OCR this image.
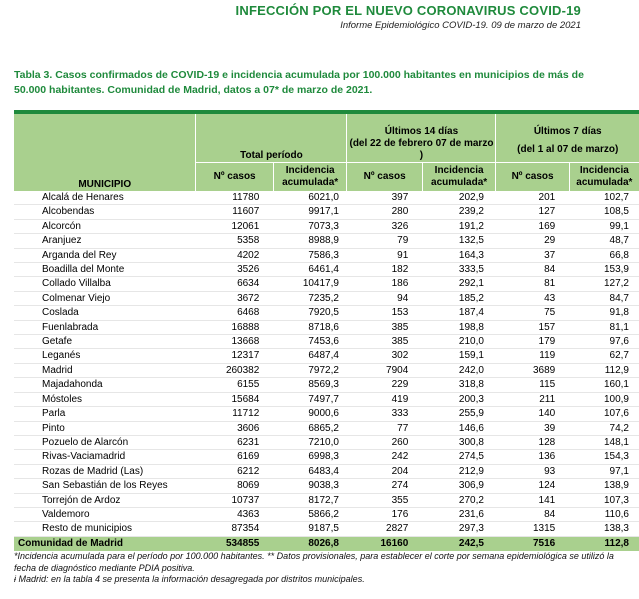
INFECCIÓN POR EL NUEVO CORONAVIRUS COVID-19
Informe Epidemiológico COVID-19. 09 de marzo de 2021
Tabla 3. Casos confirmados de COVID-19 e incidencia acumulada por 100.000 habitantes en municipios de más de 50.000 habitantes. Comunidad de Madrid, datos a 07* de marzo de 2021.

MUNICIPIO	Total período		Últimos 14 días		Últimos 7 días	
			(del 22 de febrero 07 de marzo )		(del 1 al 07 de marzo)	
	Nº casos	Incidencia acumulada*	Nº casos	Incidencia acumulada*	Nº casos	Incidencia acumulada*
Alcalá de Henares	11780	6021,0	397	202,9	201	102,7
Alcobendas	11607	9917,1	280	239,2	127	108,5
Alcorcón	12061	7073,3	326	191,2	169	99,1
Aranjuez	5358	8988,9	79	132,5	29	48,7
Arganda del Rey	4202	7586,3	91	164,3	37	66,8
Boadilla del Monte	3526	6461,4	182	333,5	84	153,9
Collado Villalba	6634	10417,9	186	292,1	81	127,2
Colmenar Viejo	3672	7235,2	94	185,2	43	84,7
Coslada	6468	7920,5	153	187,4	75	91,8
Fuenlabrada	16888	8718,6	385	198,8	157	81,1
Getafe	13668	7453,6	385	210,0	179	97,6
Leganés	12317	6487,4	302	159,1	119	62,7
Madrid	260382	7972,2	7904	242,0	3689	112,9
Majadahonda	6155	8569,3	229	318,8	115	160,1
Móstoles	15684	7497,7	419	200,3	211	100,9
Parla	11712	9000,6	333	255,9	140	107,6
Pinto	3606	6865,2	77	146,6	39	74,2
Pozuelo de Alarcón	6231	7210,0	260	300,8	128	148,1
Rivas-Vaciamadrid	6169	6998,3	242	274,5	136	154,3
Rozas de Madrid (Las)	6212	6483,4	204	212,9	93	97,1
San Sebastián de los Reyes	8069	9038,3	274	306,9	124	138,9
Torrejón de Ardoz	10737	8172,7	355	270,2	141	107,3
Valdemoro	4363	5866,2	176	231,6	84	110,6
Resto de municipios	87354	9187,5	2827	297,3	1315	138,3
Comunidad de Madrid	534855	8026,8	16160	242,5	7516	112,8
*Incidencia acumulada para el período por 100.000 habitantes. ** Datos provisionales, para establecer el corte por semana epidemiológica se utilizó la fecha de diagnóstico mediante PDIA positiva.
ɨ Madrid: en la tabla 4 se presenta la información desagregada por distritos municipales.
